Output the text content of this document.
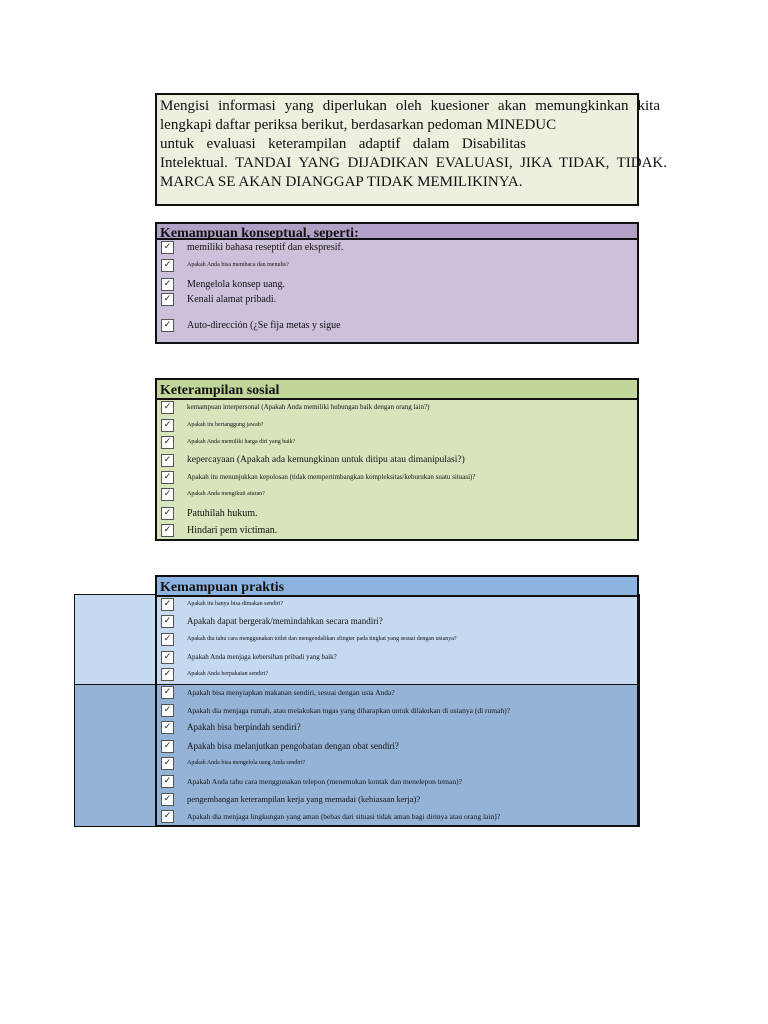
Mengisi informasi yang diperlukan oleh kuesioner akan memungkinkan kita
lengkapi daftar periksa berikut, berdasarkan pedoman MINEDUC
untuk evaluasi keterampilan adaptif dalam Disabilitas
Intelektual. TANDAI YANG DIJADIKAN EVALUASI, JIKA TIDAK, TIDAK.
MARCA SE AKAN DIANGGAP TIDAK MEMILIKINYA.
Kemampuan konseptual, seperti:
✓ memiliki bahasa reseptif dan ekspresif.
✓	Apakah Anda bisa membaca dan menulis?
✓ Mengelola konsep uang.
✓ Kenali alamat pribadi.
✓ Auto-dirección (¿Se fija metas y sigue
Keterampilan sosial
✓	kemampuan interpersonal (Apakah Anda memiliki hubungan baik dengan orang lain?)
✓	Apakah itu bertanggung jawab?
✓	Apakah Anda memiliki harga diri yang baik?
✓ kepercayaan (Apakah ada kemungkinan untuk ditipu atau dimanipulasi?)
✓	Apakah itu menunjukkan kepolosan (tidak mempertimbangkan kompleksitas/keburukan suatu situasi)?
✓	Apakah Anda mengikuti aturan?
✓ Patuhilah hukum.
✓ Hindari pem victiman.
Kemampuan praktis
✓	Apakah itu hanya bisa dimakan sendiri?
✓	Apakah dapat bergerak/memindahkan secara mandiri?
✓	Apakah dia tahu cara menggunakan toilet dan mengendalikan sfingter pada tingkat yang sesuai dengan usianya?
✓	Apakah Anda menjaga kebersihan pribadi yang baik?
✓	Apakah Anda berpakaian sendiri?
✓	Apakah bisa menyiapkan makanan sendiri, sesuai dengan usia Anda?
✓	Apakah dia menjaga rumah, atau melakukan tugas yang diharapkan untuk dilakukan di usianya (di rumah)?
✓	Apakah bisa berpindah sendiri?
✓	Apakah bisa melanjutkan pengobatan dengan obat sendiri?
✓	Apakah Anda bisa mengelola uang Anda sendiri?
✓	Apakah Anda tahu cara menggunakan telepon (menemukan kontak dan menelepon teman)?
✓	pengembangan keterampilan kerja yang memadai (kebiasaan kerja)?
✓	Apakah dia menjaga lingkungan yang aman (bebas dari situasi tidak aman bagi dirinya atau orang lain)?
